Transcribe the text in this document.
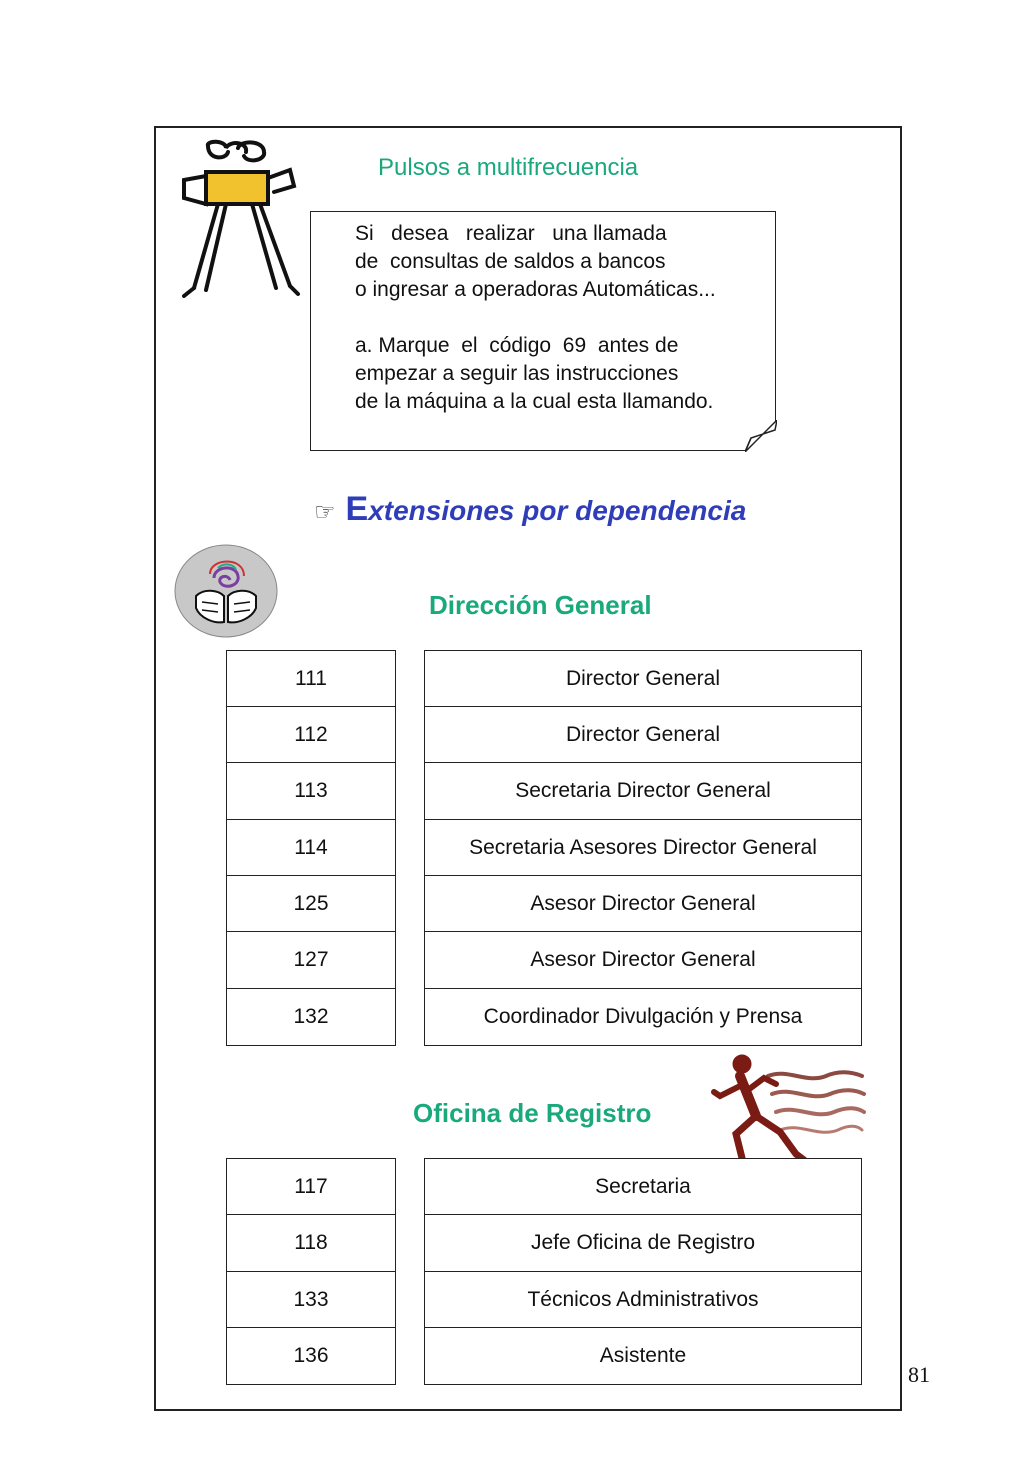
Pulsos a multifrecuencia
Si   desea   realizar   una llamada
de  consultas de saldos a bancos
o ingresar a operadoras Automáticas...
a. Marque  el  código  69  antes de
empezar a seguir las instrucciones
de la máquina a la cual esta llamando.
☞ Extensiones por dependencia
Dirección General
111	Director General
112	Director General
113	Secretaria Director General
114	Secretaria Asesores Director General
125	Asesor Director General
127	Asesor Director General
132	Coordinador Divulgación y Prensa
Oficina de Registro
117	Secretaria
118	Jefe Oficina de Registro
133	Técnicos Administrativos
136	Asistente
81
